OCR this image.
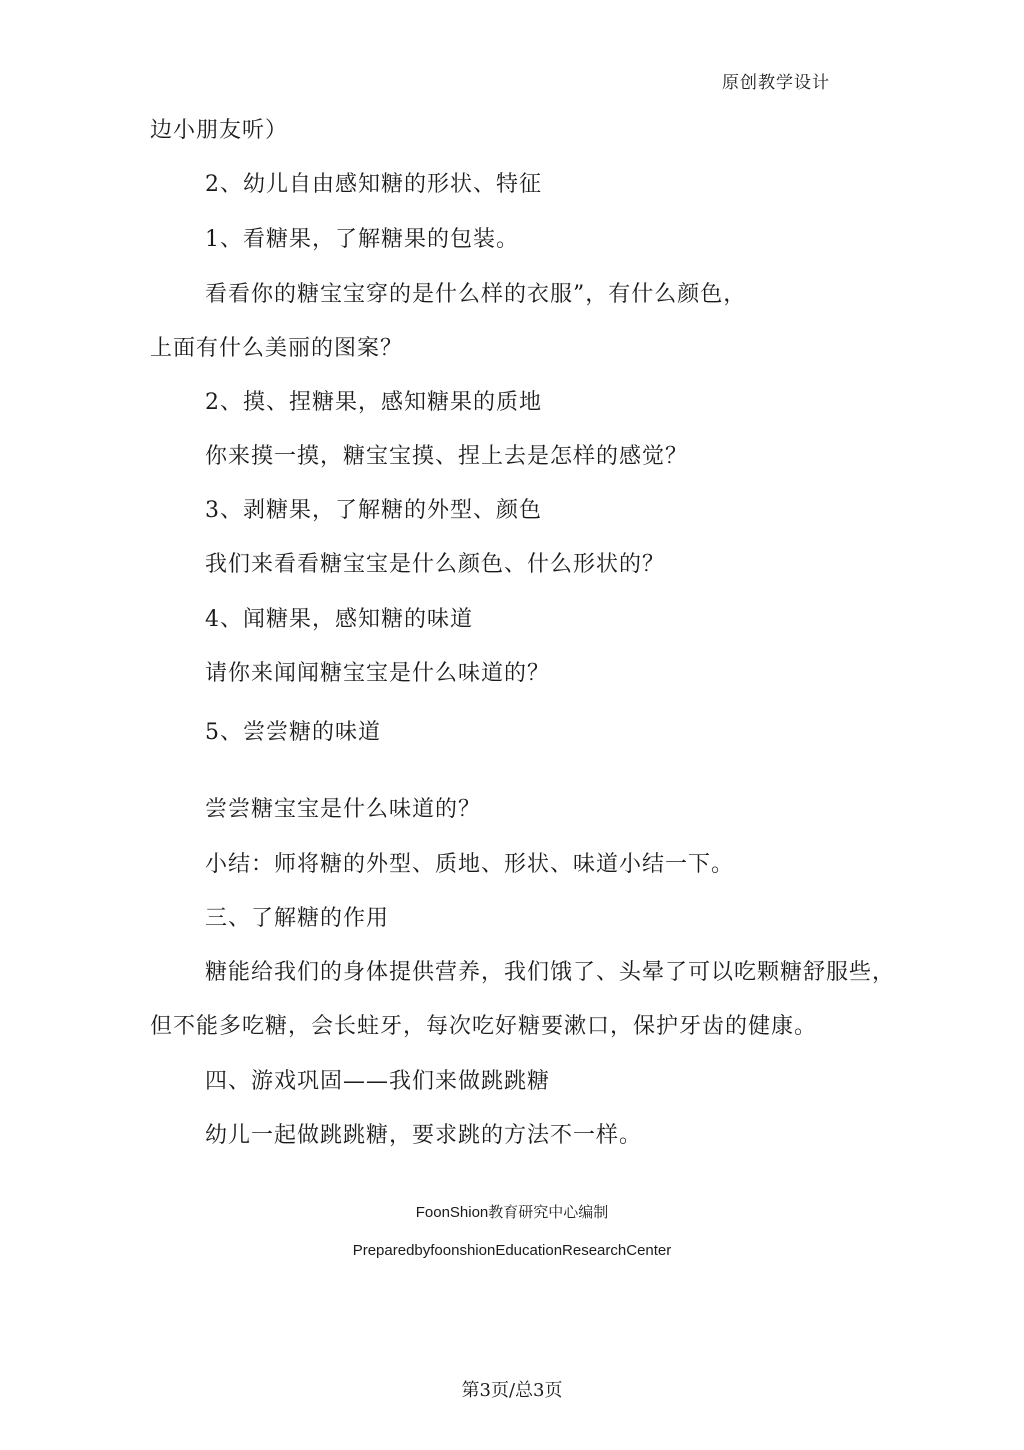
原创教学设计
边小朋友听）
2、幼儿自由感知糖的形状、特征
1、看糖果，了解糖果的包装。
看看你的糖宝宝穿的是什么样的衣服”，有什么颜色，
上面有什么美丽的图案？
2、摸、捏糖果，感知糖果的质地
你来摸一摸，糖宝宝摸、捏上去是怎样的感觉？
3、剥糖果，了解糖的外型、颜色
我们来看看糖宝宝是什么颜色、什么形状的？
4、闻糖果，感知糖的味道
请你来闻闻糖宝宝是什么味道的？
5、尝尝糖的味道
尝尝糖宝宝是什么味道的？
小结：师将糖的外型、质地、形状、味道小结一下。
三、了解糖的作用
糖能给我们的身体提供营养，我们饿了、头晕了可以吃颗糖舒服些，
但不能多吃糖，会长蛀牙，每次吃好糖要漱口，保护牙齿的健康。
四、游戏巩固——我们来做跳跳糖
幼儿一起做跳跳糖，要求跳的方法不一样。
FoonShion教育研究中心编制
PreparedbyfoonshionEducationResearchCenter
第3页/总3页
